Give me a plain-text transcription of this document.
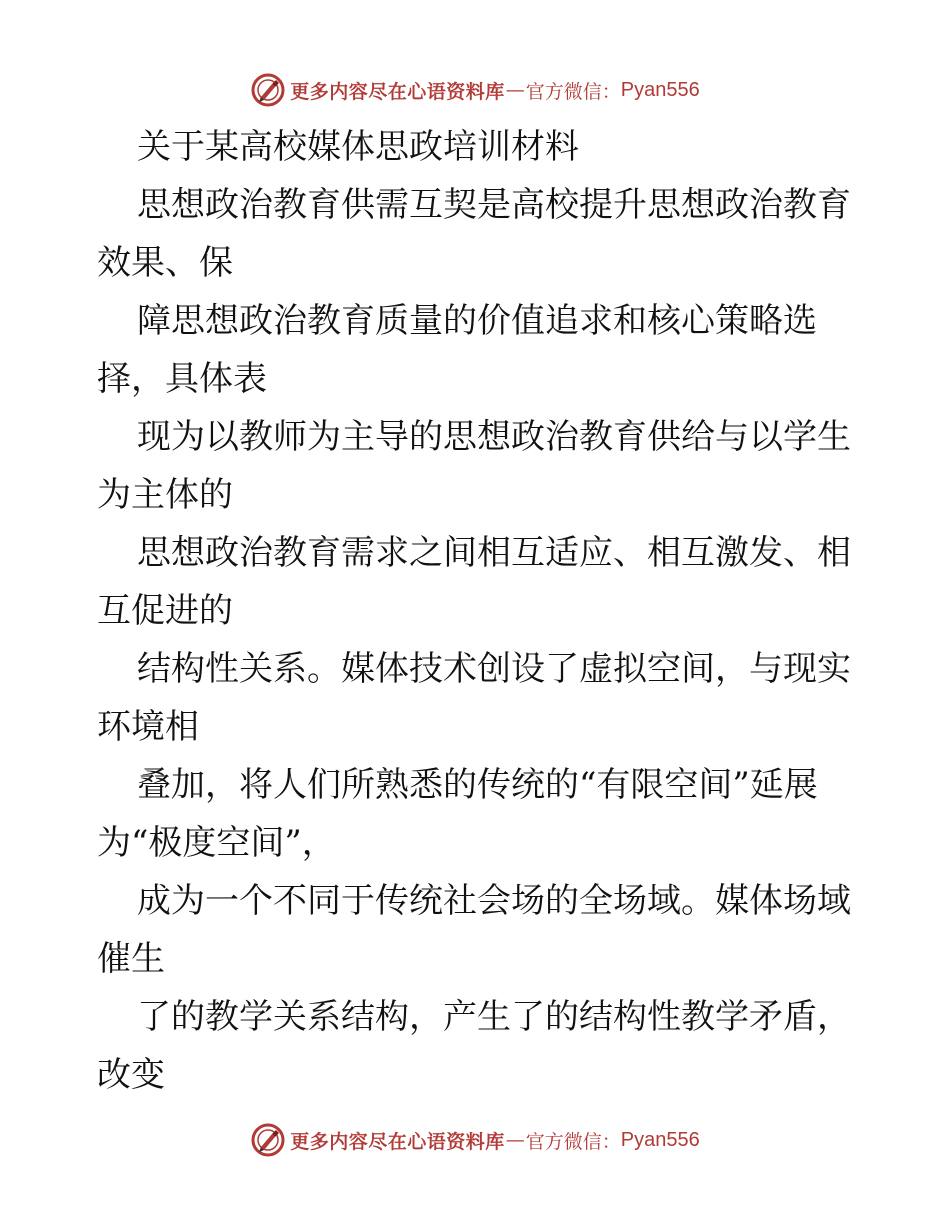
更多内容尽在心语资料库 — 官方微信： Pyan556
关于某高校媒体思政培训材料
思想政治教育供需互契是高校提升思想政治教育
效果、保
障思想政治教育质量的价值追求和核心策略选
择，具体表
现为以教师为主导的思想政治教育供给与以学生
为主体的
思想政治教育需求之间相互适应、相互激发、相
互促进的
结构性关系。媒体技术创设了虚拟空间，与现实
环境相
叠加，将人们所熟悉的传统的“有限空间”延展
为“极度空间”，
成为一个不同于传统社会场的全场域。媒体场域
催生
了的教学关系结构，产生了的结构性教学矛盾，
改变
更多内容尽在心语资料库 — 官方微信： Pyan556
